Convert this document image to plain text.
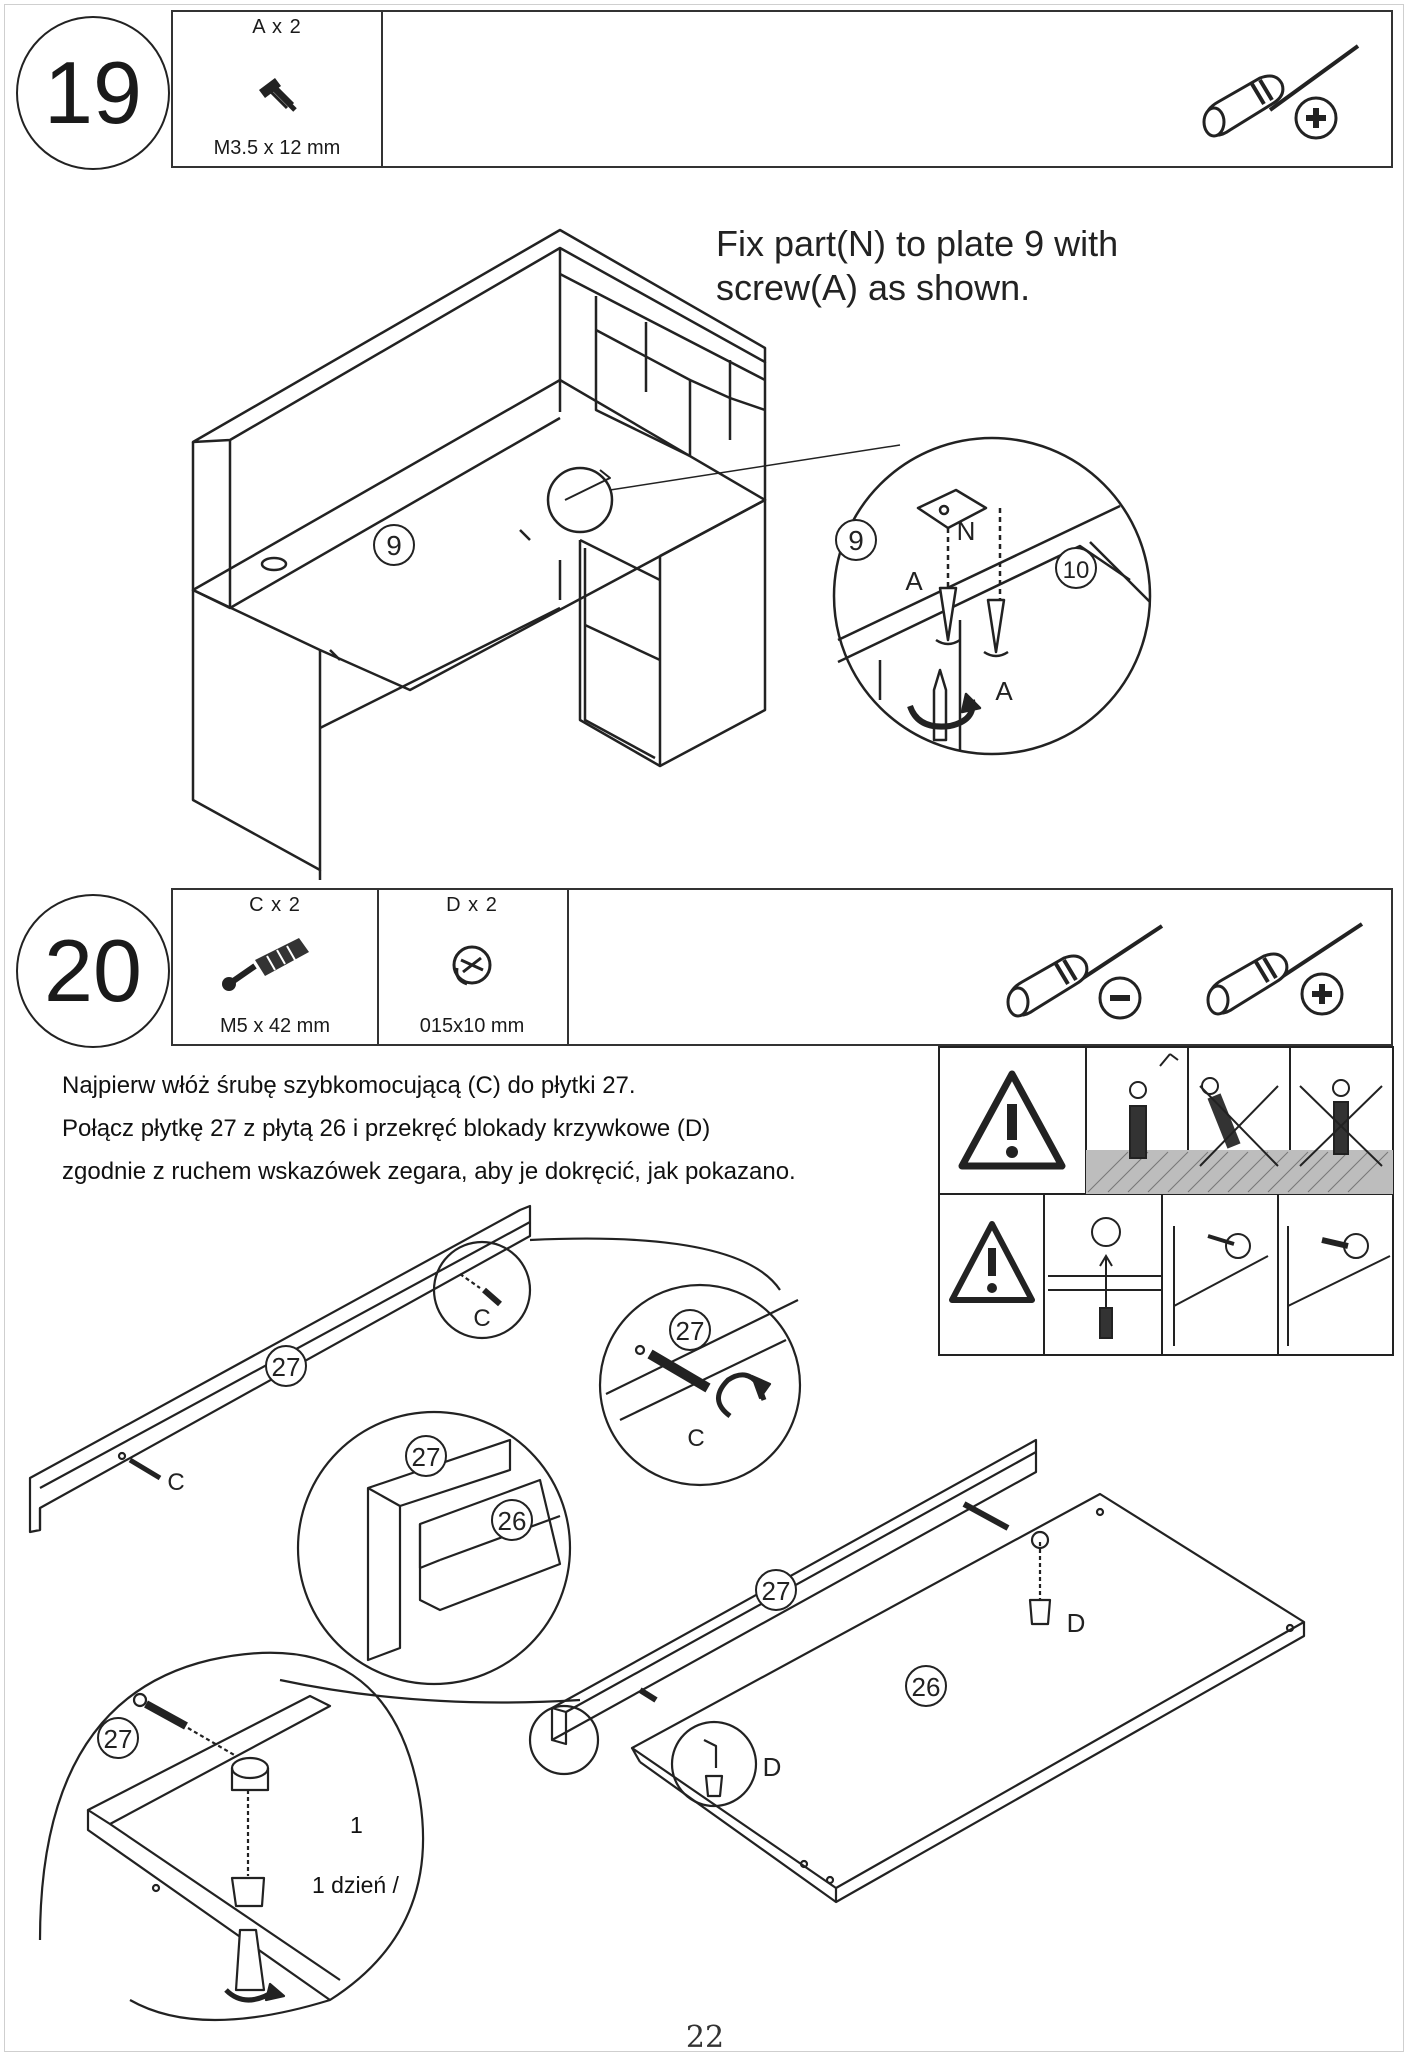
19
A x 2
M3.5 x 12 mm
Fix part(N) to plate 9 with
screw(A) as shown.
9	9
10
N
A
A
20
C x 2
M5 x 42 mm
D x 2
015x10 mm
Najpierw włóż śrubę szybkomocującą (C) do płytki 27.
Połącz płytkę 27 z płytą 26 i przekręć blokady krzywkowe (D)
zgodnie z ruchem wskazówek zegara, aby je dokręcić, jak pokazano.
27
27
27
27
27
26
26
C
C
C
D
D
1
1 dzień /
22
